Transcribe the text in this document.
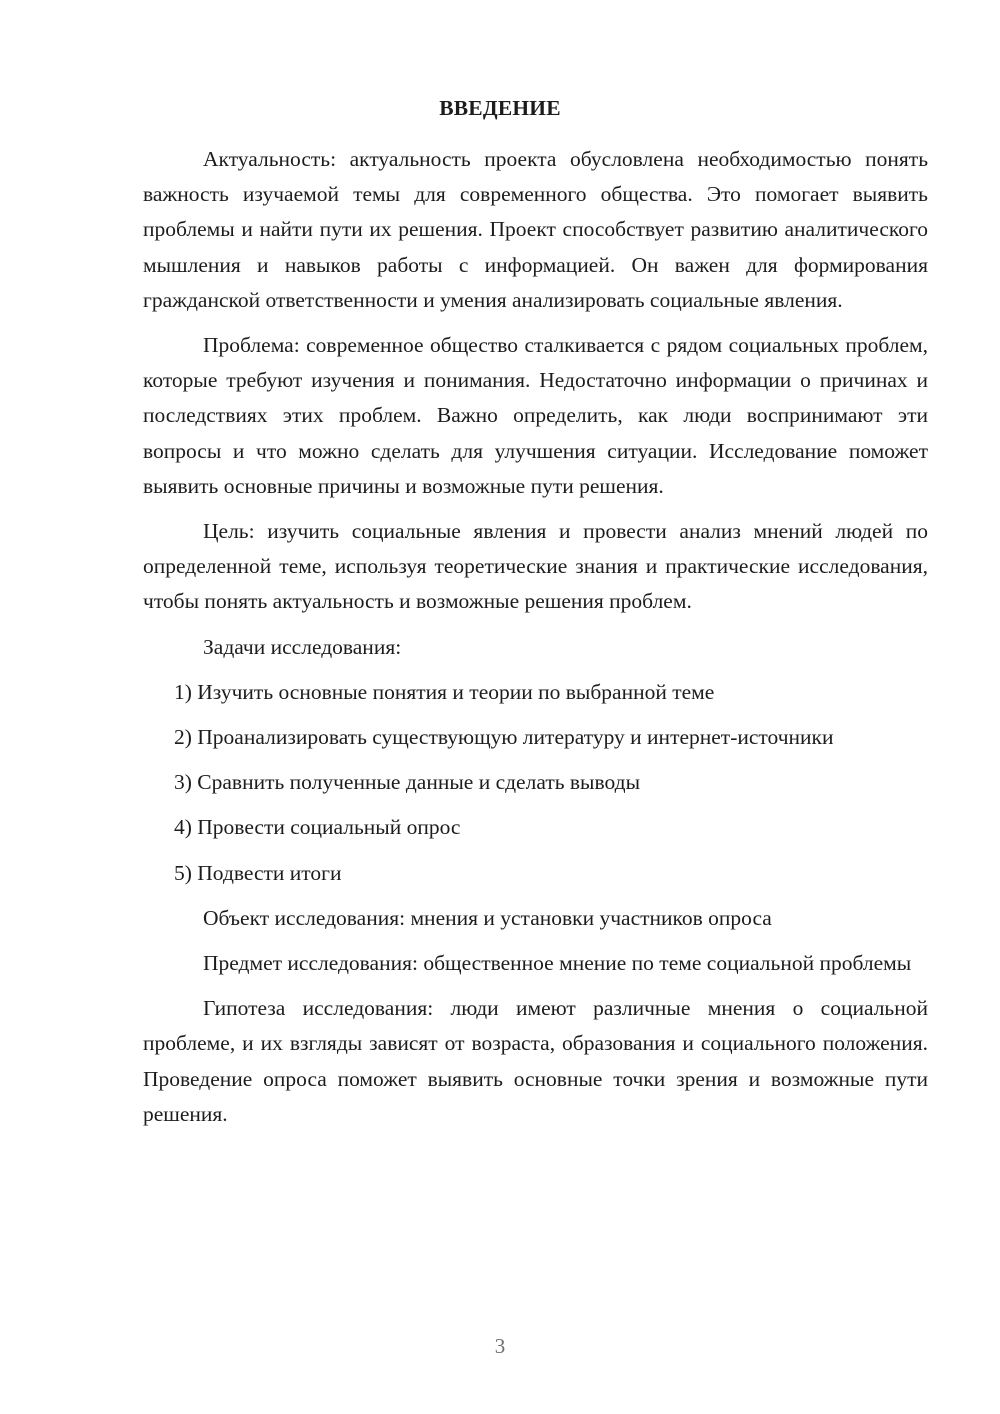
ВВЕДЕНИЕ

Актуальность: актуальность проекта обусловлена необходимостью понять важность изучаемой темы для современного общества. Это помогает выявить проблемы и найти пути их решения. Проект способствует развитию аналитического мышления и навыков работы с информацией. Он важен для формирования гражданской ответственности и умения анализировать социальные явления.

Проблема: современное общество сталкивается с рядом социальных проблем, которые требуют изучения и понимания. Недостаточно информации о причинах и последствиях этих проблем. Важно определить, как люди воспринимают эти вопросы и что можно сделать для улучшения ситуации. Исследование поможет выявить основные причины и возможные пути решения.

Цель: изучить социальные явления и провести анализ мнений людей по определенной теме, используя теоретические знания и практические исследования, чтобы понять актуальность и возможные решения проблем.

Задачи исследования:

1) Изучить основные понятия и теории по выбранной теме

2) Проанализировать существующую литературу и интернет-источники

3) Сравнить полученные данные и сделать выводы

4) Провести социальный опрос

5) Подвести итоги

Объект исследования: мнения и установки участников опроса

Предмет исследования: общественное мнение по теме социальной проблемы

Гипотеза исследования: люди имеют различные мнения о социальной проблеме, и их взгляды зависят от возраста, образования и социального положения. Проведение опроса поможет выявить основные точки зрения и возможные пути решения.

3
